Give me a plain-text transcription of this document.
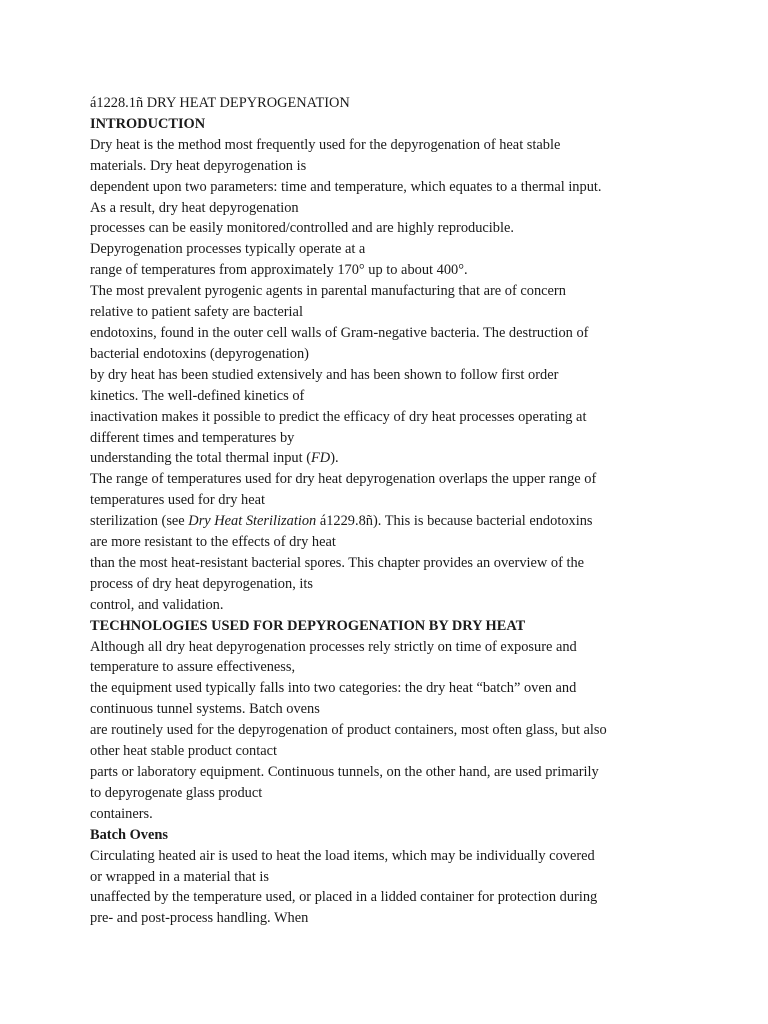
á1228.1ñ DRY HEAT DEPYROGENATION
INTRODUCTION
Dry heat is the method most frequently used for the depyrogenation of heat stable
materials. Dry heat depyrogenation is
dependent upon two parameters: time and temperature, which equates to a thermal input.
As a result, dry heat depyrogenation
processes can be easily monitored/controlled and are highly reproducible.
Depyrogenation processes typically operate at a
range of temperatures from approximately 170° up to about 400°.
The most prevalent pyrogenic agents in parental manufacturing that are of concern
relative to patient safety are bacterial
endotoxins, found in the outer cell walls of Gram-negative bacteria. The destruction of
bacterial endotoxins (depyrogenation)
by dry heat has been studied extensively and has been shown to follow first order
kinetics. The well-defined kinetics of
inactivation makes it possible to predict the efficacy of dry heat processes operating at
different times and temperatures by
understanding the total thermal input (FD).
The range of temperatures used for dry heat depyrogenation overlaps the upper range of
temperatures used for dry heat
sterilization (see Dry Heat Sterilization á1229.8ñ). This is because bacterial endotoxins
are more resistant to the effects of dry heat
than the most heat-resistant bacterial spores. This chapter provides an overview of the
process of dry heat depyrogenation, its
control, and validation.
TECHNOLOGIES USED FOR DEPYROGENATION BY DRY HEAT
Although all dry heat depyrogenation processes rely strictly on time of exposure and
temperature to assure effectiveness,
the equipment used typically falls into two categories: the dry heat “batch” oven and
continuous tunnel systems. Batch ovens
are routinely used for the depyrogenation of product containers, most often glass, but also
other heat stable product contact
parts or laboratory equipment. Continuous tunnels, on the other hand, are used primarily
to depyrogenate glass product
containers.
Batch Ovens
Circulating heated air is used to heat the load items, which may be individually covered
or wrapped in a material that is
unaffected by the temperature used, or placed in a lidded container for protection during
pre- and post-process handling. When
